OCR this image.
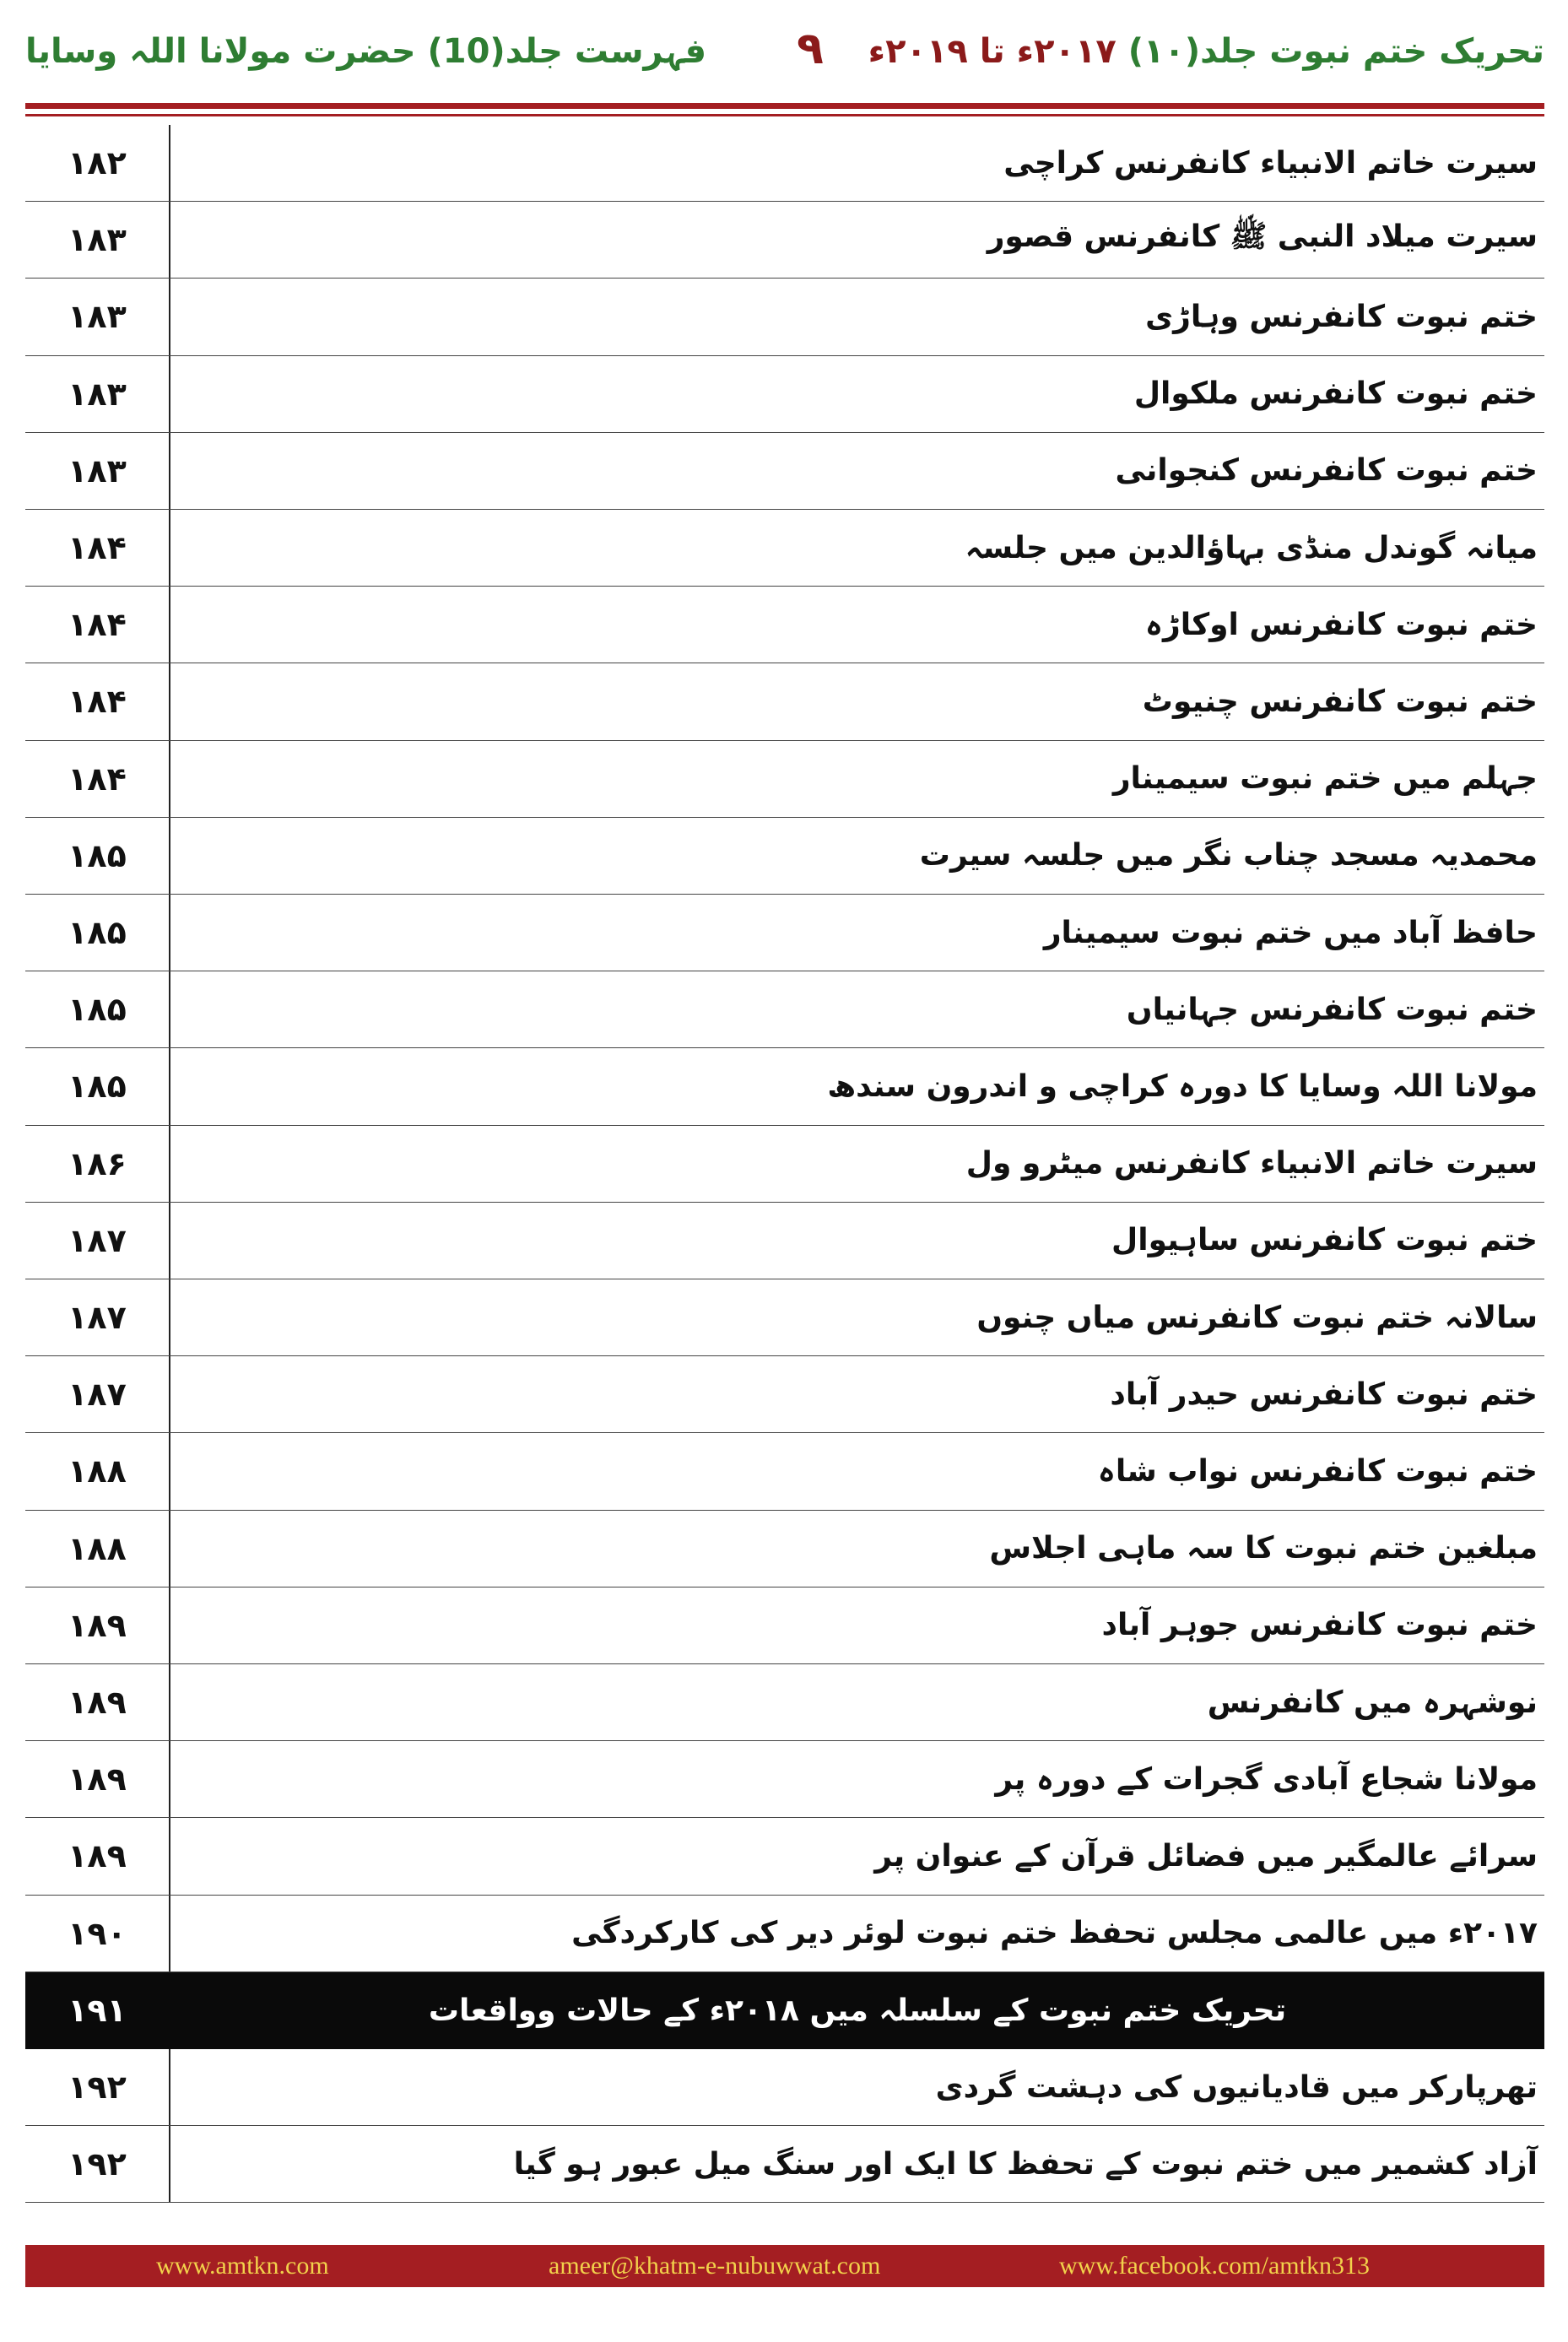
فہرست جلد(10) حضرت مولانا اللہ وسایا	۹	تحریک ختم نبوت جلد(۱۰) ۲۰۱۷ء تا ۲۰۱۹ء
۱۸۲	سیرت خاتم الانبیاء کانفرنس کراچی
۱۸۳	سیرت میلاد النبی ﷺ کانفرنس قصور
۱۸۳	ختم نبوت کانفرنس وہاڑی
۱۸۳	ختم نبوت کانفرنس ملکوال
۱۸۳	ختم نبوت کانفرنس کنجوانی
۱۸۴	میانہ گوندل منڈی بہاؤالدین میں جلسہ
۱۸۴	ختم نبوت کانفرنس اوکاڑہ
۱۸۴	ختم نبوت کانفرنس چنیوٹ
۱۸۴	جہلم میں ختم نبوت سیمینار
۱۸۵	محمدیہ مسجد چناب نگر میں جلسہ سیرت
۱۸۵	حافظ آباد میں ختم نبوت سیمینار
۱۸۵	ختم نبوت کانفرنس جہانیاں
۱۸۵	مولانا اللہ وسایا کا دورہ کراچی و اندرون سندھ
۱۸۶	سیرت خاتم الانبیاء کانفرنس میٹرو ول
۱۸۷	ختم نبوت کانفرنس ساہیوال
۱۸۷	سالانہ ختم نبوت کانفرنس میاں چنوں
۱۸۷	ختم نبوت کانفرنس حیدر آباد
۱۸۸	ختم نبوت کانفرنس نواب شاہ
۱۸۸	مبلغین ختم نبوت کا سہ ماہی اجلاس
۱۸۹	ختم نبوت کانفرنس جوہر آباد
۱۸۹	نوشہرہ میں کانفرنس
۱۸۹	مولانا شجاع آبادی گجرات کے دورہ پر
۱۸۹	سرائے عالمگیر میں فضائل قرآن کے عنوان پر
۱۹۰	۲۰۱۷ء میں عالمی مجلس تحفظ ختم نبوت لوئر دیر کی کارکردگی
۱۹۱	تحریک ختم نبوت کے سلسلہ میں ۲۰۱۸ء کے حالات وواقعات
۱۹۲	تھرپارکر میں قادیانیوں کی دہشت گردی
۱۹۲	آزاد کشمیر میں ختم نبوت کے تحفظ کا ایک اور سنگ میل عبور ہو گیا
www.amtkn.com	ameer@khatm-e-nubuwwat.com	www.facebook.com/amtkn313
